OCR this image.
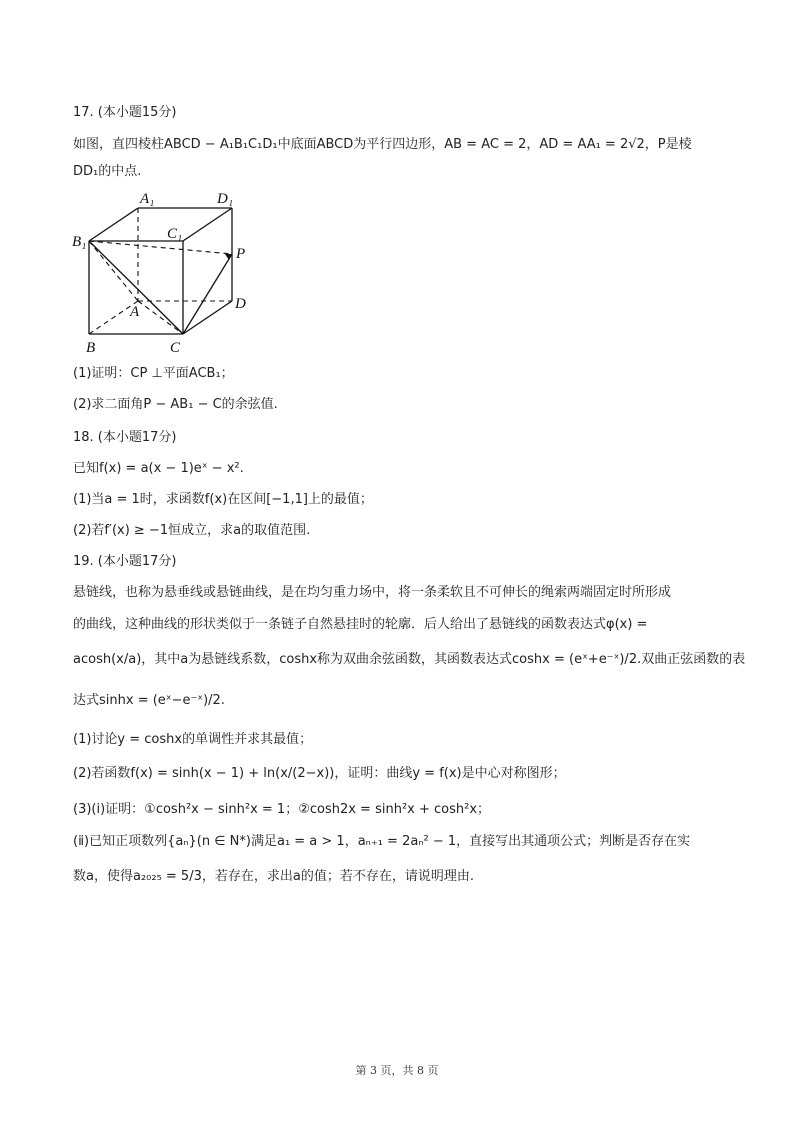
17. (本小题15分)
如图，直四棱柱ABCD − A₁B₁C₁D₁中底面ABCD为平行四边形，AB = AC = 2，AD = AA₁ = 2√2，P是棱
DD₁的中点.
A₁	D₁
B₁	C₁
P
A	D
B	C
(1)证明：CP ⊥平面ACB₁；
(2)求二面角P − AB₁ − C的余弦值.
18. (本小题17分)
已知f(x) = a(x − 1)eˣ − x².
(1)当a = 1时，求函数f(x)在区间[−1,1]上的最值；
(2)若f′(x) ≥ −1恒成立，求a的取值范围.
19. (本小题17分)
悬链线，也称为悬垂线或悬链曲线，是在均匀重力场中，将一条柔软且不可伸长的绳索两端固定时所形成
的曲线，这种曲线的形状类似于一条链子自然悬挂时的轮廓．后人给出了悬链线的函数表达式φ(x) =
acosh(x/a)，其中a为悬链线系数，coshx称为双曲余弦函数，其函数表达式coshx = (eˣ+e⁻ˣ)/2.双曲正弦函数的表
达式sinhx = (eˣ−e⁻ˣ)/2.
(1)讨论y = coshx的单调性并求其最值；
(2)若函数f(x) = sinh(x − 1) + ln(x/(2−x))，证明：曲线y = f(x)是中心对称图形；
(3)(ⅰ)证明：①cosh²x − sinh²x = 1；②cosh2x = sinh²x + cosh²x；
(ⅱ)已知正项数列{aₙ}(n ∈ N*)满足a₁ = a > 1，aₙ₊₁ = 2aₙ² − 1，直接写出其通项公式；判断是否存在实
数a，使得a₂₀₂₅ = 5/3，若存在，求出a的值；若不存在，请说明理由.
第 3 页，共 8 页
